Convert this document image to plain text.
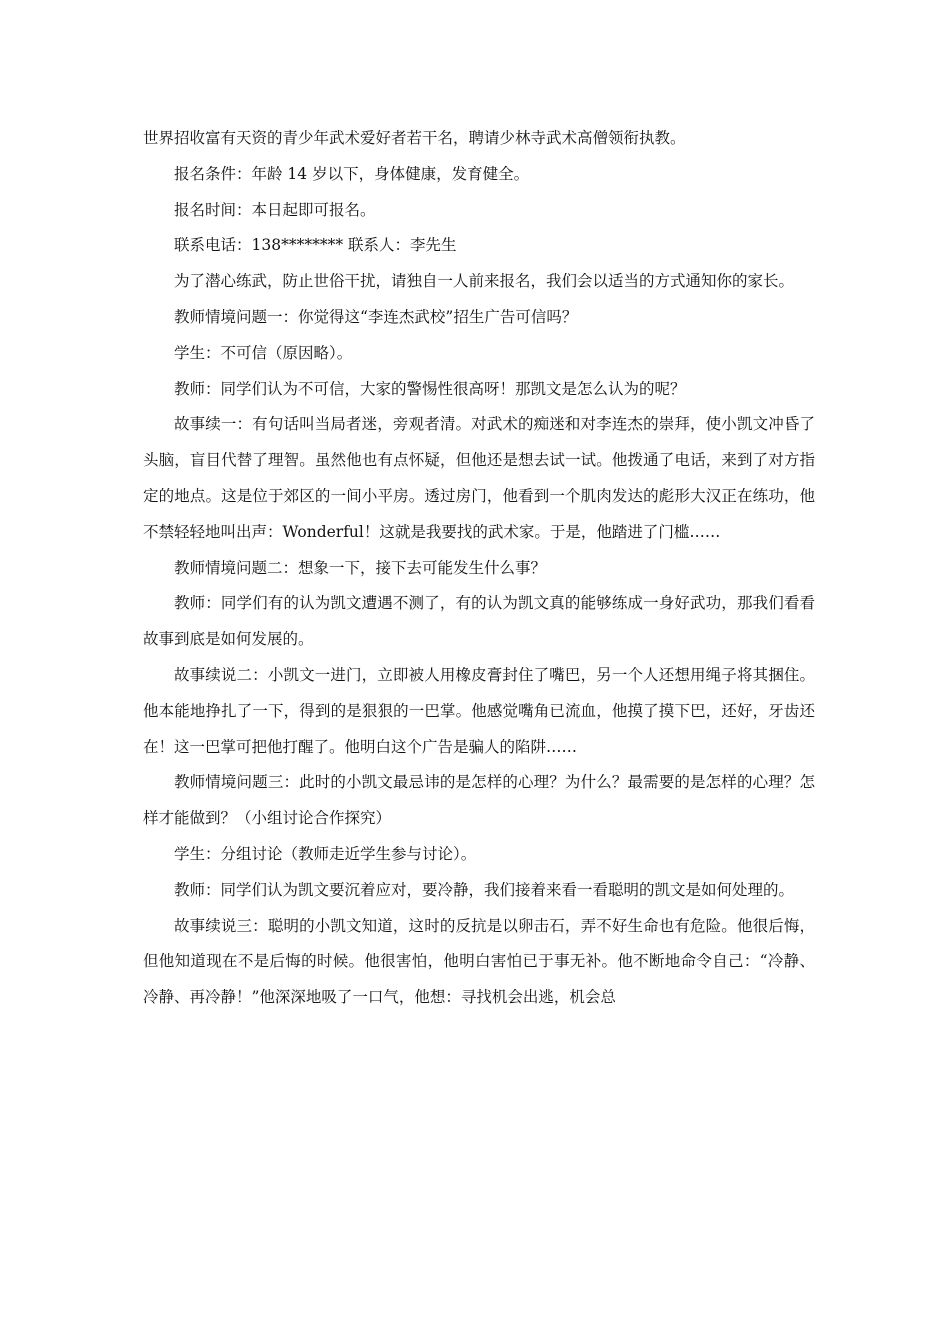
世界招收富有天资的青少年武术爱好者若干名，聘请少林寺武术高僧领衔执教。

报名条件：年龄 14 岁以下，身体健康，发育健全。

报名时间：本日起即可报名。

联系电话：138******** 联系人：李先生

为了潜心练武，防止世俗干扰，请独自一人前来报名，我们会以适当的方式通知你的家长。

教师情境问题一：你觉得这“李连杰武校”招生广告可信吗？

学生：不可信（原因略）。

教师：同学们认为不可信，大家的警惕性很高呀！那凯文是怎么认为的呢？

故事续一：有句话叫当局者迷，旁观者清。对武术的痴迷和对李连杰的崇拜，使小凯文冲昏了头脑，盲目代替了理智。虽然他也有点怀疑，但他还是想去试一试。他拨通了电话，来到了对方指定的地点。这是位于郊区的一间小平房。透过房门，他看到一个肌肉发达的彪形大汉正在练功，他不禁轻轻地叫出声：Wonderful！这就是我要找的武术家。于是，他踏进了门槛……

教师情境问题二：想象一下，接下去可能发生什么事？

教师：同学们有的认为凯文遭遇不测了，有的认为凯文真的能够练成一身好武功，那我们看看故事到底是如何发展的。

故事续说二：小凯文一进门，立即被人用橡皮膏封住了嘴巴，另一个人还想用绳子将其捆住。他本能地挣扎了一下，得到的是狠狠的一巴掌。他感觉嘴角已流血，他摸了摸下巴，还好，牙齿还在！这一巴掌可把他打醒了。他明白这个广告是骗人的陷阱……

教师情境问题三：此时的小凯文最忌讳的是怎样的心理？为什么？最需要的是怎样的心理？怎样才能做到？（小组讨论合作探究）

学生：分组讨论（教师走近学生参与讨论）。

教师：同学们认为凯文要沉着应对，要冷静，我们接着来看一看聪明的凯文是如何处理的。

故事续说三：聪明的小凯文知道，这时的反抗是以卵击石，弄不好生命也有危险。他很后悔，但他知道现在不是后悔的时候。他很害怕，他明白害怕已于事无补。他不断地命令自己：“冷静、冷静、再冷静！”他深深地吸了一口气，他想：寻找机会出逃，机会总
